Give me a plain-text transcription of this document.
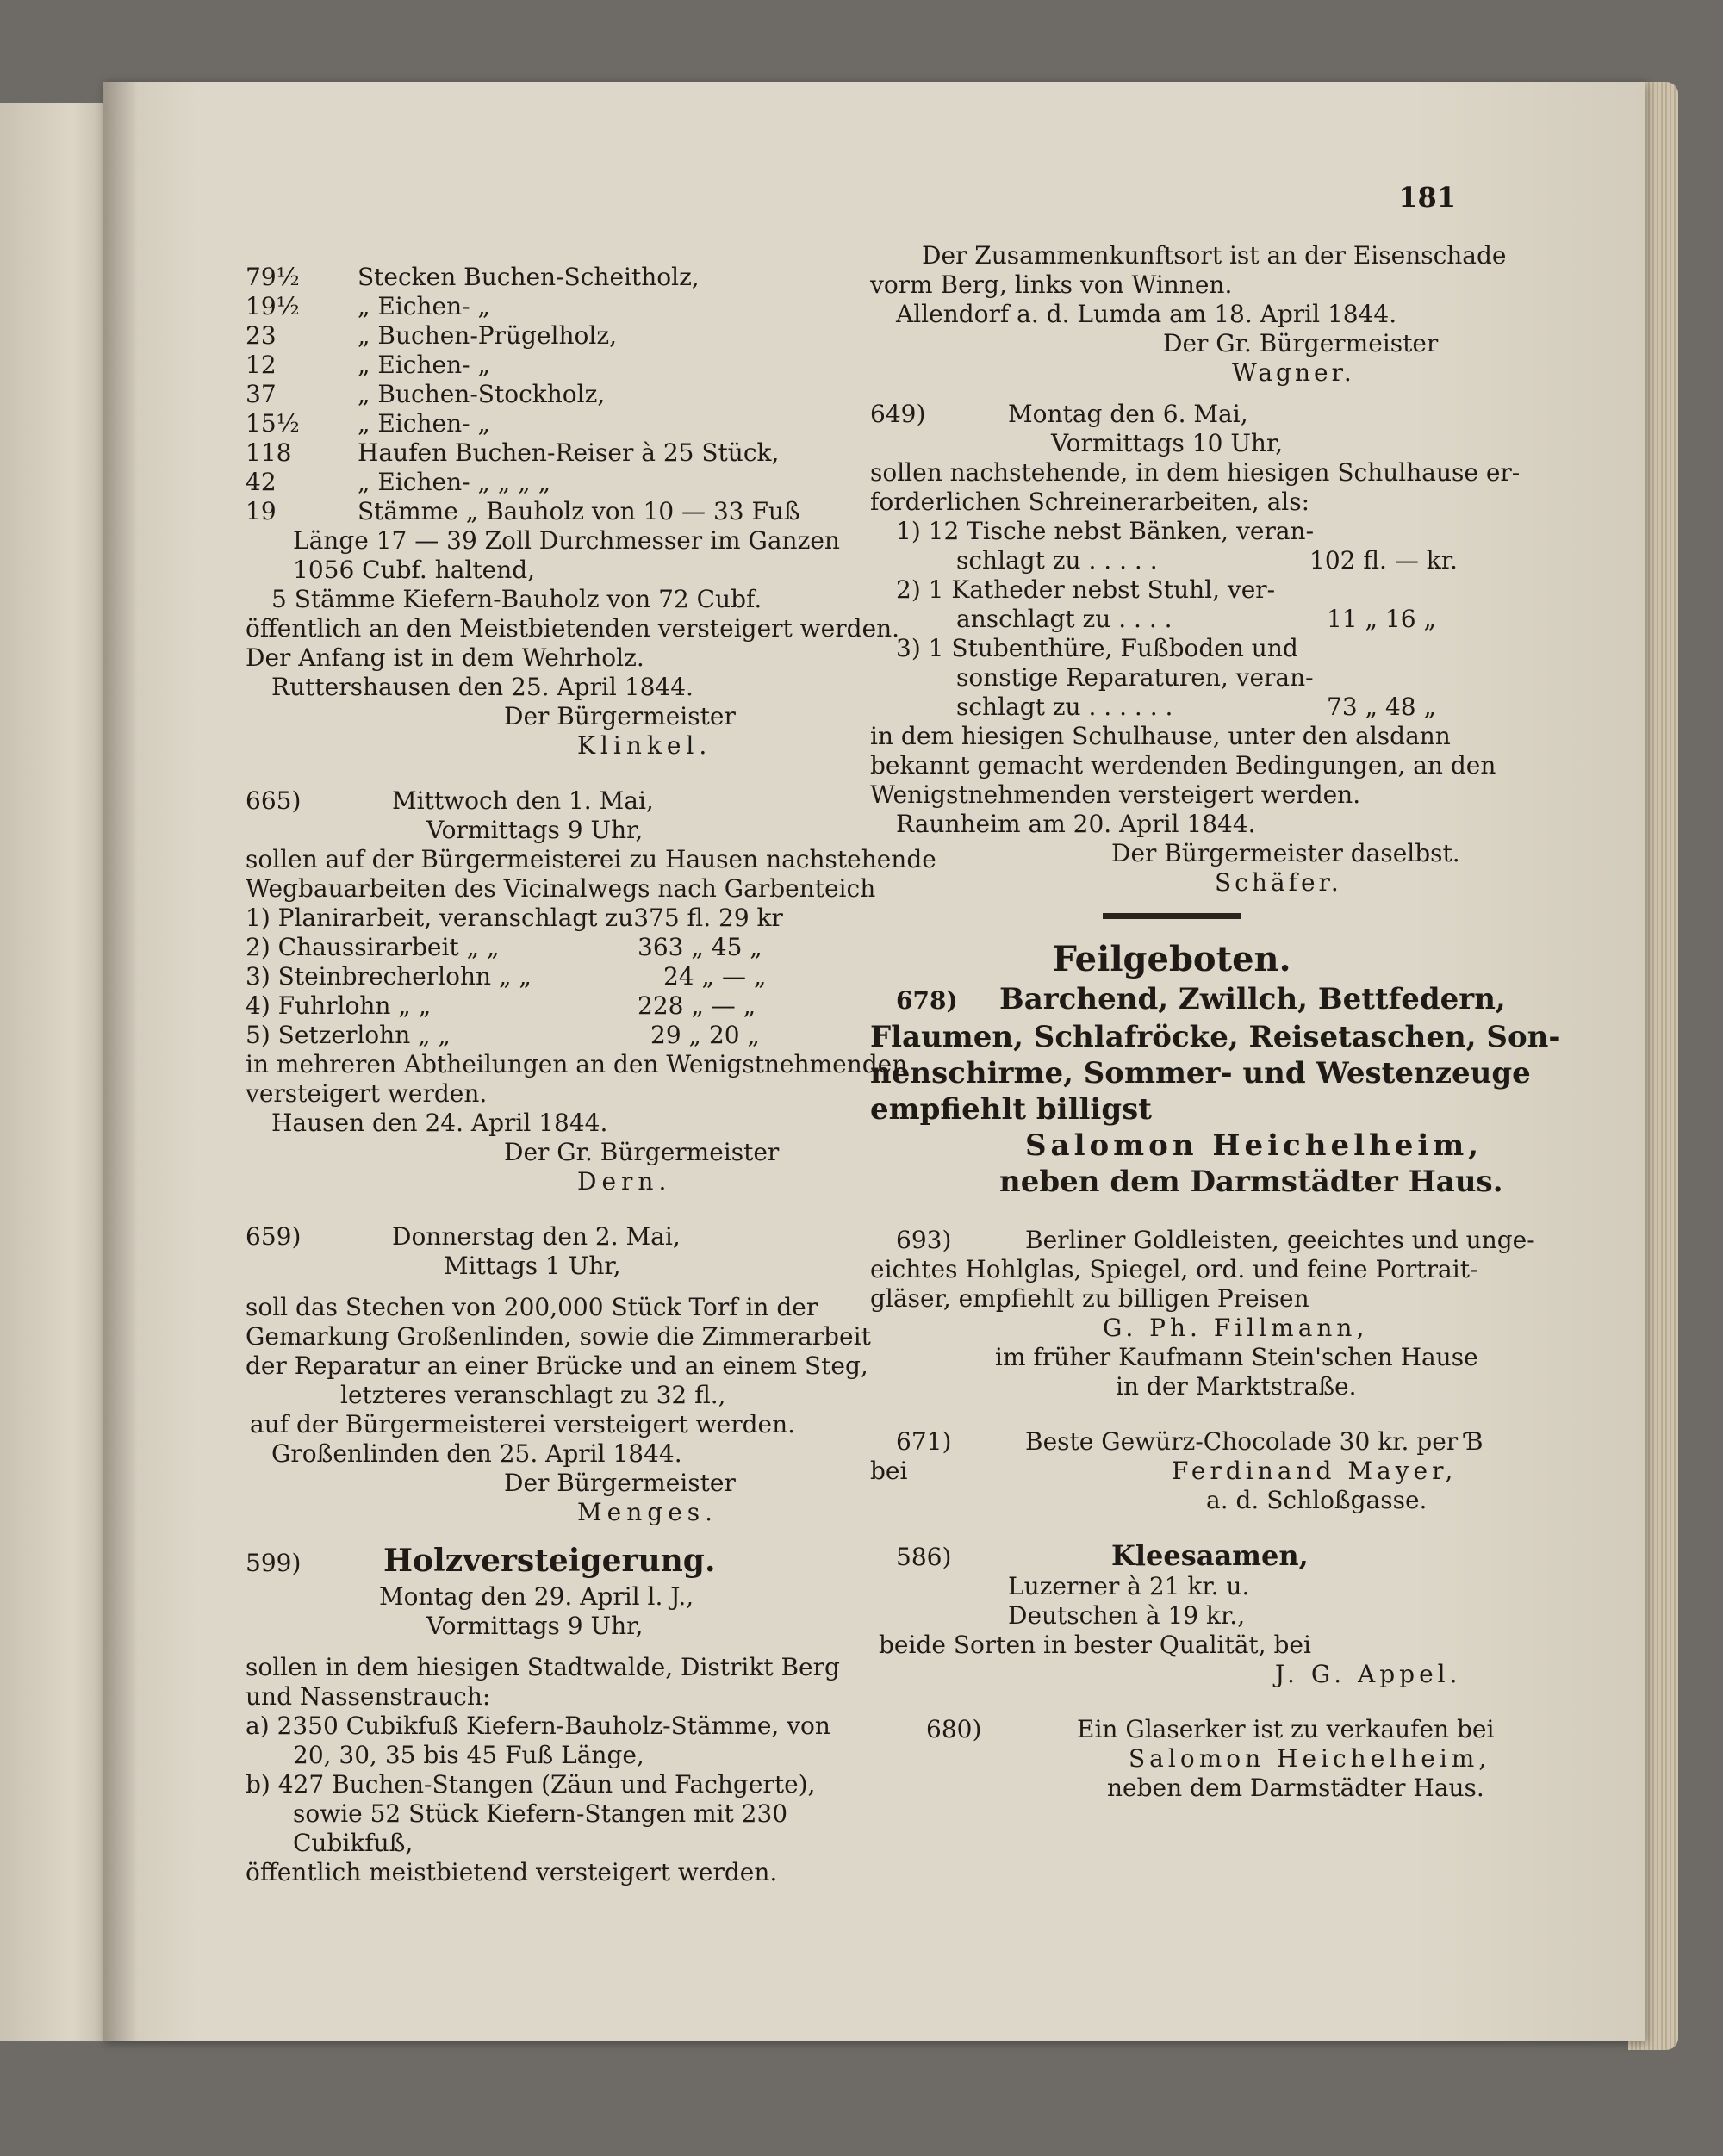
181
79½ Stecken Buchen-Scheitholz,
19½ „ Eichen- „
23	„ Buchen-Prügelholz,
12	„ Eichen- „
37	„ Buchen-Stockholz,
15½ „ Eichen- „
118	Haufen Buchen-Reiser à 25 Stück,
42	„ Eichen- „ „ „ „
19	Stämme „ Bauholz von 10 — 33 Fuß
Länge 17 — 39 Zoll Durchmesser im Ganzen
1056 Cubf. haltend,
5 Stämme Kiefern-Bauholz von 72 Cubf.
öffentlich an den Meistbietenden versteigert werden.
Der Anfang ist in dem Wehrholz.
Ruttershausen den 25. April 1844.
Der Bürgermeister
Klinkel.
665)	Mittwoch den 1. Mai,
Vormittags 9 Uhr,
sollen auf der Bürgermeisterei zu Hausen nachstehende
Wegbauarbeiten des Vicinalwegs nach Garbenteich
1) Planirarbeit, veranschlagt zu375 fl. 29 kr
2) Chaussirarbeit „ „	363 „ 45 „
3) Steinbrecherlohn „ „	24 „ — „
4) Fuhrlohn „ „	228 „ — „
5) Setzerlohn „ „	29 „ 20 „
in mehreren Abtheilungen an den Wenigstnehmenden
versteigert werden.
Hausen den 24. April 1844.
Der Gr. Bürgermeister
Dern.
659)	Donnerstag den 2. Mai,
Mittags 1 Uhr,
soll das Stechen von 200,000 Stück Torf in der
Gemarkung Großenlinden, sowie die Zimmerarbeit
der Reparatur an einer Brücke und an einem Steg,
letzteres veranschlagt zu 32 fl.,
auf der Bürgermeisterei versteigert werden.
Großenlinden den 25. April 1844.
Der Bürgermeister
Menges.
599)	Holzversteigerung.
Montag den 29. April l. J.,
Vormittags 9 Uhr,
sollen in dem hiesigen Stadtwalde, Distrikt Berg
und Nassenstrauch:
a) 2350 Cubikfuß Kiefern-Bauholz-Stämme, von
20, 30, 35 bis 45 Fuß Länge,
b) 427 Buchen-Stangen (Zäun und Fachgerte),
sowie 52 Stück Kiefern-Stangen mit 230
Cubikfuß,
öffentlich meistbietend versteigert werden.
Der Zusammenkunftsort ist an der Eisenschade
vorm Berg, links von Winnen.
Allendorf a. d. Lumda am 18. April 1844.
Der Gr. Bürgermeister
Wagner.
649)	Montag den 6. Mai,
Vormittags 10 Uhr,
sollen nachstehende, in dem hiesigen Schulhause er-
forderlichen Schreinerarbeiten, als:
1) 12 Tische nebst Bänken, veran-
schlagt zu . . . . .	102 fl. — kr.
2) 1 Katheder nebst Stuhl, ver-
anschlagt zu . . . .	11 „ 16 „
3) 1 Stubenthüre, Fußboden und
sonstige Reparaturen, veran-
schlagt zu . . . . . .	73 „ 48 „
in dem hiesigen Schulhause, unter den alsdann
bekannt gemacht werdenden Bedingungen, an den
Wenigstnehmenden versteigert werden.
Raunheim am 20. April 1844.
Der Bürgermeister daselbst.
Schäfer.
Feilgeboten.
678) Barchend, Zwillch, Bettfedern,
Flaumen, Schlafröcke, Reisetaschen, Son-
nenschirme, Sommer- und Westenzeuge
empfiehlt billigst
Salomon Heichelheim,
neben dem Darmstädter Haus.
693)	Berliner Goldleisten, geeichtes und unge-
eichtes Hohlglas, Spiegel, ord. und feine Portrait-
gläser, empfiehlt zu billigen Preisen
G. Ph. Fillmann,
im früher Kaufmann Stein'schen Hause
in der Marktstraße.
671)	Beste Gewürz-Chocolade 30 kr. per Ɓ
bei	Ferdinand Mayer,
a. d. Schloßgasse.
586)	Kleesaamen,
Luzerner à 21 kr. u.
Deutschen à 19 kr.,
beide Sorten in bester Qualität, bei
J. G. Appel.
680)	Ein Glaserker ist zu verkaufen bei
Salomon Heichelheim,
neben dem Darmstädter Haus.
